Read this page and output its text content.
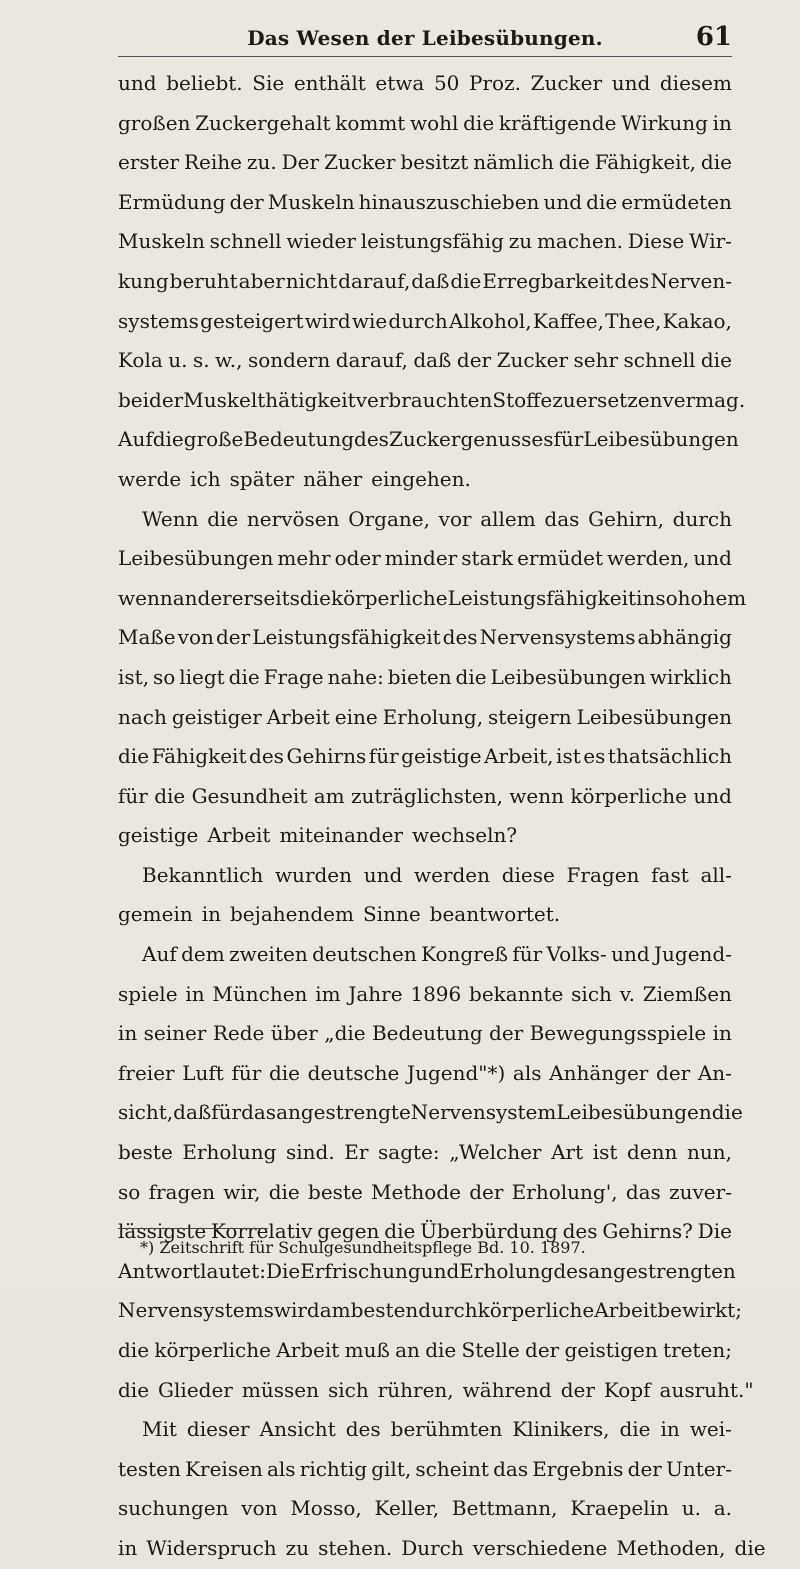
Das Wesen der Leibesübungen.	61
und beliebt. Sie enthält etwa 50 Proz. Zucker und diesem
großen Zuckergehalt kommt wohl die kräftigende Wirkung in
erster Reihe zu. Der Zucker besitzt nämlich die Fähigkeit, die
Ermüdung der Muskeln hinauszuschieben und die ermüdeten
Muskeln schnell wieder leistungsfähig zu machen. Diese Wir-
kung beruht aber nicht darauf, daß die Erregbarkeit des Nerven-
systems gesteigert wird wie durch Alkohol, Kaffee, Thee, Kakao,
Kola u. s. w., sondern darauf, daß der Zucker sehr schnell die
bei der Muskelthätigkeit verbrauchten Stoffe zu ersetzen vermag.
Auf die große Bedeutung des Zuckergenusses für Leibesübungen
werde ich später näher eingehen.
Wenn die nervösen Organe, vor allem das Gehirn, durch
Leibesübungen mehr oder minder stark ermüdet werden, und
wenn andererseits die körperliche Leistungsfähigkeit in so hohem
Maße von der Leistungsfähigkeit des Nervensystems abhängig
ist, so liegt die Frage nahe: bieten die Leibesübungen wirklich
nach geistiger Arbeit eine Erholung, steigern Leibesübungen
die Fähigkeit des Gehirns für geistige Arbeit, ist es thatsächlich
für die Gesundheit am zuträglichsten, wenn körperliche und
geistige Arbeit miteinander wechseln?
Bekanntlich wurden und werden diese Fragen fast all-
gemein in bejahendem Sinne beantwortet.
Auf dem zweiten deutschen Kongreß für Volks- und Jugend-
spiele in München im Jahre 1896 bekannte sich v. Ziemßen
in seiner Rede über „die Bedeutung der Bewegungsspiele in
freier Luft für die deutsche Jugend"*) als Anhänger der An-
sicht, daß für das angestrengte Nervensystem Leibesübungen die
beste Erholung sind. Er sagte: „Welcher Art ist denn nun,
so fragen wir, die beste Methode der Erholung', das zuver-
lässigste Korrelativ gegen die Überbürdung des Gehirns? Die
Antwort lautet: Die Erfrischung und Erholung des angestrengten
Nervensystems wird am besten durch körperliche Arbeit bewirkt;
die körperliche Arbeit muß an die Stelle der geistigen treten;
die Glieder müssen sich rühren, während der Kopf ausruht."
Mit dieser Ansicht des berühmten Klinikers, die in wei-
testen Kreisen als richtig gilt, scheint das Ergebnis der Unter-
suchungen von Mosso, Keller, Bettmann, Kraepelin u. a.
in Widerspruch zu stehen. Durch verschiedene Methoden, die
*) Zeitschrift für Schulgesundheitspflege Bd. 10. 1897.
